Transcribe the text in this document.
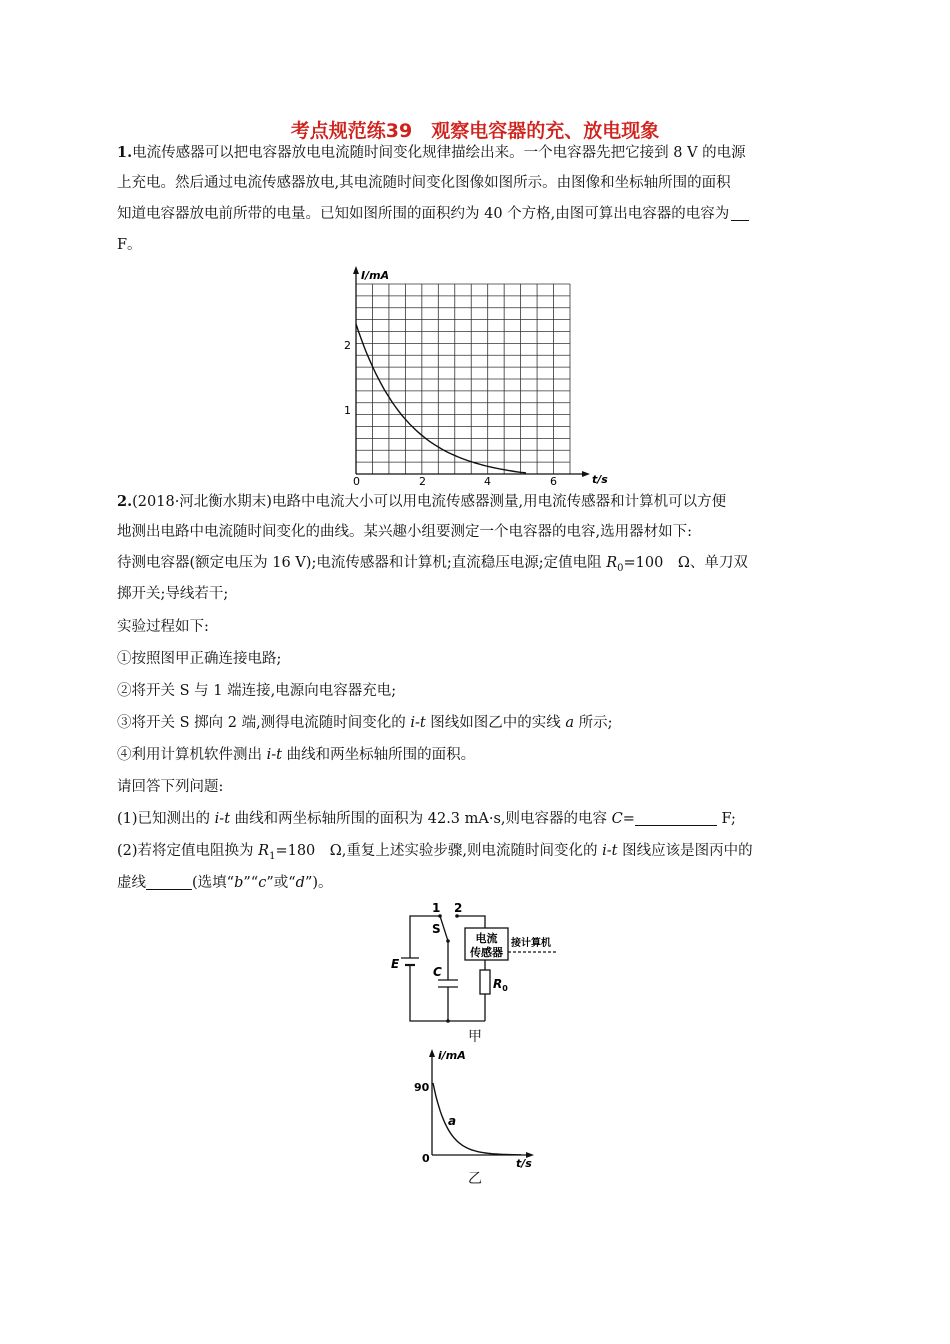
考点规范练39　观察电容器的充、放电现象
1.电流传感器可以把电容器放电电流随时间变化规律描绘出来。一个电容器先把它接到 8 V 的电源
上充电。然后通过电流传感器放电,其电流随时间变化图像如图所示。由图像和坐标轴所围的面积
知道电容器放电前所带的电量。已知如图所围的面积约为 40 个方格,由图可算出电容器的电容为
F。
I/mA
t/s
2
1
0	2	4	6
2.(2018·河北衡水期末)电路中电流大小可以用电流传感器测量,用电流传感器和计算机可以方便
地测出电路中电流随时间变化的曲线。某兴趣小组要测定一个电容器的电容,选用器材如下:
待测电容器(额定电压为 16 V);电流传感器和计算机;直流稳压电源;定值电阻 $R_0=100$　Ω、单刀双
掷开关;导线若干;
实验过程如下:
①按照图甲正确连接电路;
②将开关 S 与 1 端连接,电源向电容器充电;
③将开关 S 掷向 2 端,测得电流随时间变化的 i-t 图线如图乙中的实线 a 所示;
④利用计算机软件测出 i-t 曲线和两坐标轴所围的面积。
请回答下列问题:
(1)已知测出的 i-t 曲线和两坐标轴所围的面积为 42.3 mA·s,则电容器的电容 C=	F;
(2)若将定值电阻换为 $R_1=180$　Ω,重复上述实验步骤,则电流随时间变化的 i-t 图线应该是图丙中的
虚线	(选填“b”“c”或“d”)。
1 2
S
E
C
$R_0$
电流
传感器
接计算机
甲
i/mA
90
0	t/s
a
乙
